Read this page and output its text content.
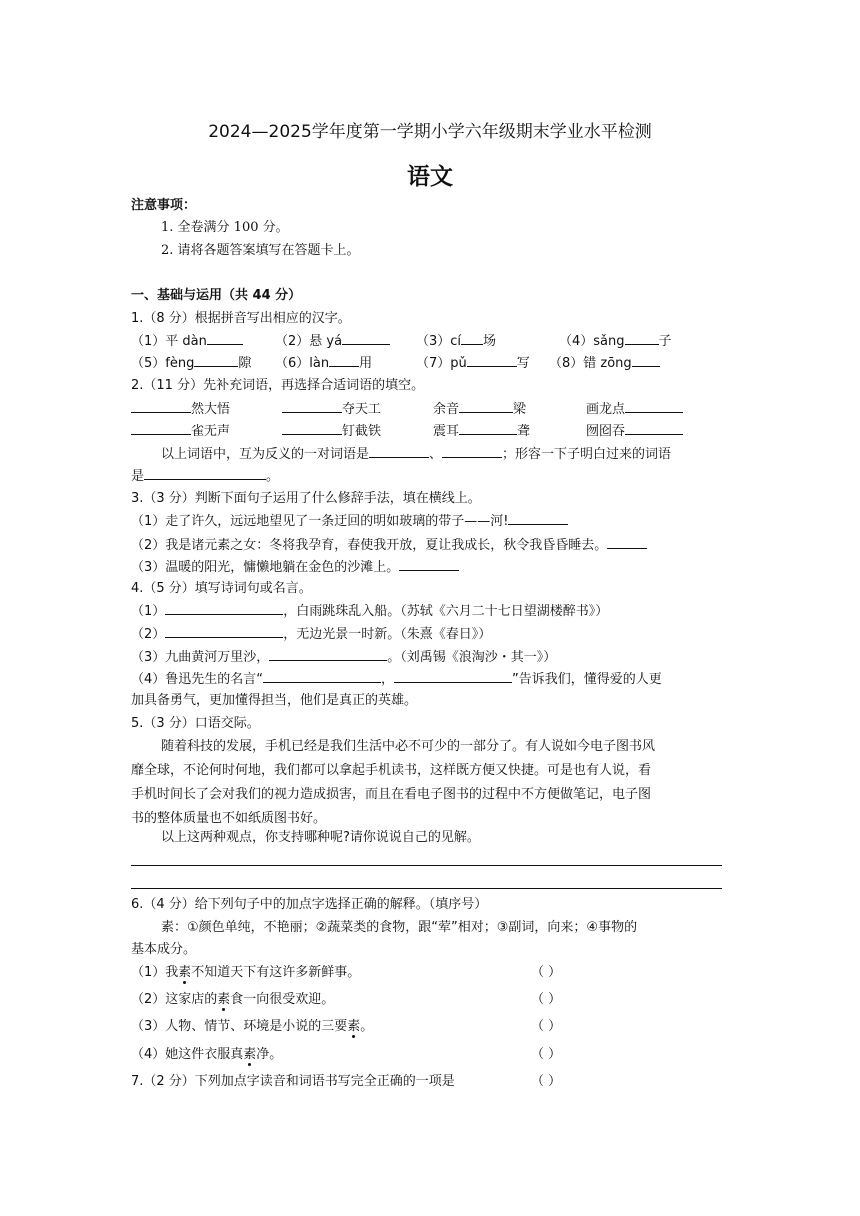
2024—2025学年度第一学期小学六年级期末学业水平检测
语文
注意事项：
1. 全卷满分 100 分。
2. 请将各题答案填写在答题卡上。
一、基础与运用（共 44 分）
1.（8 分）根据拼音写出相应的汉字。
（1）平 dàn	（2）悬 yá	（3）cí 场	（4）sǎng	子
（5）fèng	隙 （6）làn 用	（7）pǔ	写 （8）错 zōng
2.（11 分）先补充词语，再选择合适词语的填空。
然大悟	夺天工	余音	梁	画龙点
雀无声	钉截铁	震耳	聋	囫囵吞
以上词语中，互为反义的一对词语是	、	；形容一下子明白过来的词语
是	。
3.（3 分）判断下面句子运用了什么修辞手法，填在横线上。
（1）走了许久，远远地望见了一条迂回的明如玻璃的带子——河!
（2）我是诸元素之女：冬将我孕育，春使我开放，夏让我成长，秋令我昏昏睡去。
（3）温暖的阳光，慵懒地躺在金色的沙滩上。
4.（5 分）填写诗词句或名言。
（1）	，白雨跳珠乱入船。（苏轼《六月二十七日望湖楼醉书》）
（2）	，无边光景一时新。（朱熹《春日》）
（3）九曲黄河万里沙，	。（刘禹锡《浪淘沙・其一》）
（4）鲁迅先生的名言“	，	”告诉我们，懂得爱的人更
加具备勇气，更加懂得担当，他们是真正的英雄。
5.（3 分）口语交际。
随着科技的发展，手机已经是我们生活中必不可少的一部分了。有人说如今电子图书风
靡全球，不论何时何地，我们都可以拿起手机读书，这样既方便又快捷。可是也有人说，看
手机时间长了会对我们的视力造成损害，而且在看电子图书的过程中不方便做笔记，电子图
书的整体质量也不如纸质图书好。
以上这两种观点，你支持哪种呢?请你说说自己的见解。
6.（4 分）给下列句子中的加点字选择正确的解释。（填序号）
素：①颜色单纯，不艳丽；②蔬菜类的食物，跟“荤”相对；③副词，向来；④事物的
基本成分。
（1）我素不知道天下有这许多新鲜事。	（ ）
（2）这家店的素食一向很受欢迎。	（ ）
（3）人物、情节、环境是小说的三要素。	（ ）
（4）她这件衣服真素净。	（ ）
7.（2 分）下列加点字读音和词语书写完全正确的一项是	（ ）
